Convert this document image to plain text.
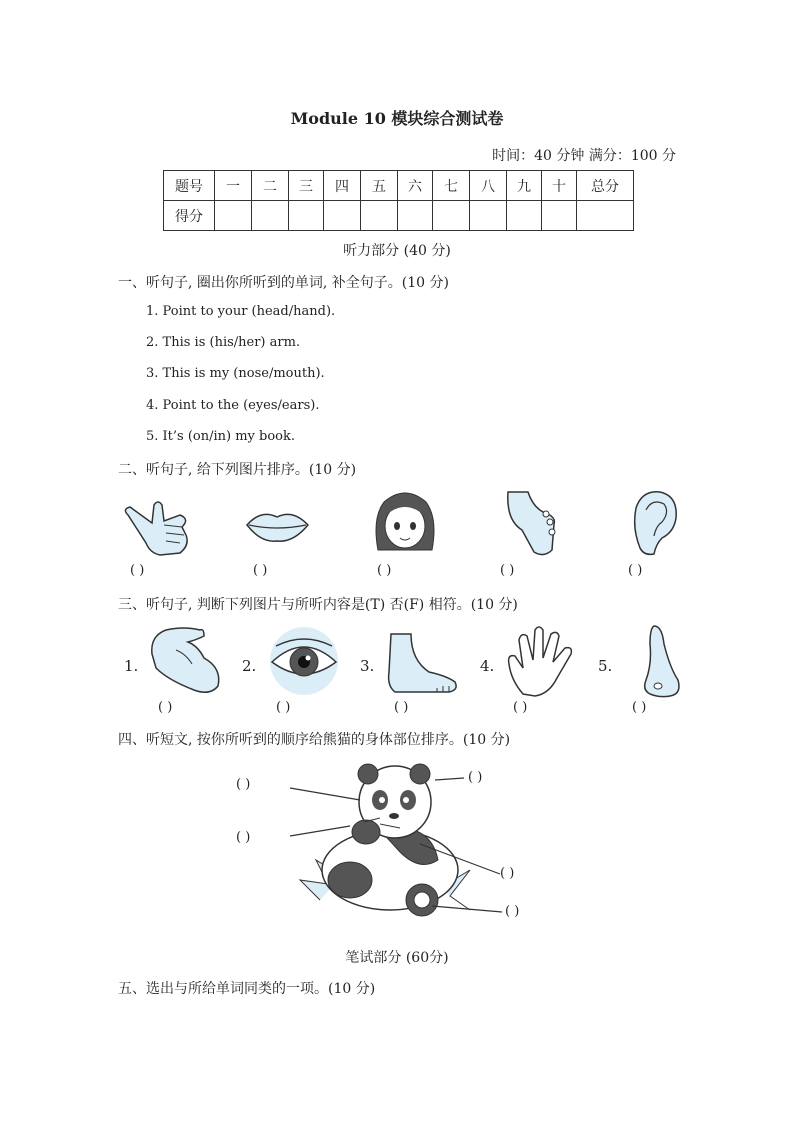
Module 10 模块综合测试卷
时间：40 分钟 满分：100 分
题号	一	二	三	四	五	六	七	八	九	十	总分
得分											
听力部分 (40 分)
一、听句子, 圈出你所听到的单词, 补全句子。(10 分)
1. Point to your (head/hand).
2. This is (his/her) arm.
3. This is my (nose/mouth).
4. Point to the (eyes/ears).
5. It’s (on/in) my book.
二、听句子, 给下列图片排序。(10 分)
( )	( )	( )	( )	( )
三、听句子, 判断下列图片与所听内容是(T) 否(F) 相符。(10 分)
1.	2.	3.	4.	5.
( )	( )	( )	( )	( )
四、听短文, 按你所听到的顺序给熊猫的身体部位排序。(10 分)
( )
( )
( )
( )
( )
笔试部分 (60分)
五、选出与所给单词同类的一项。(10 分)
